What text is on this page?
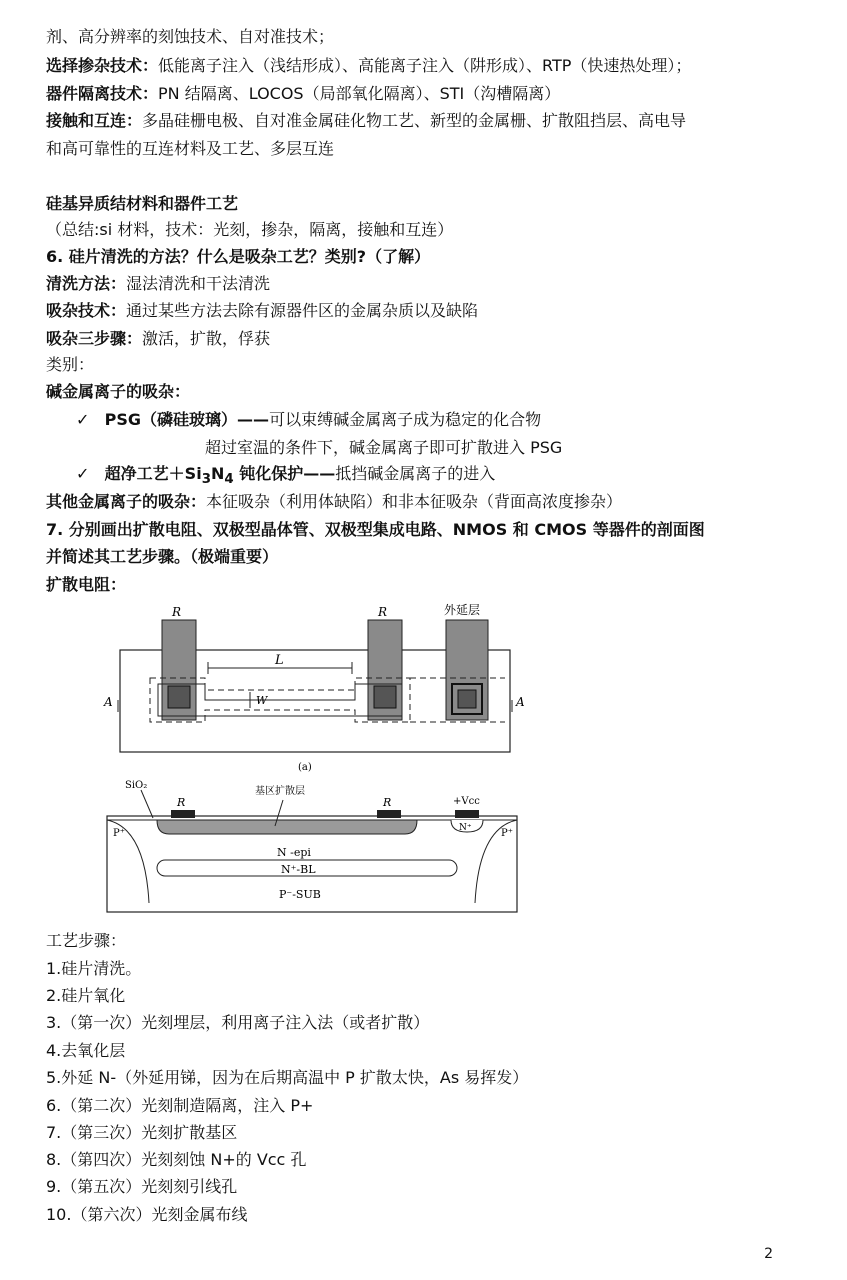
剂、高分辨率的刻蚀技术、自对准技术；
选择掺杂技术：低能离子注入（浅结形成）、高能离子注入（阱形成）、RTP（快速热处理）；
器件隔离技术：PN 结隔离、LOCOS（局部氧化隔离）、STI（沟槽隔离）
接触和互连：多晶硅栅电极、自对准金属硅化物工艺、新型的金属栅、扩散阻挡层、高电导
和高可靠性的互连材料及工艺、多层互连
硅基异质结材料和器件工艺
（总结:si 材料，技术：光刻，掺杂，隔离，接触和互连）
6. 硅片清洗的方法？什么是吸杂工艺？类别?（了解）
清洗方法：湿法清洗和干法清洗
吸杂技术：通过某些方法去除有源器件区的金属杂质以及缺陷
吸杂三步骤：激活，扩散，俘获
类别：
碱金属离子的吸杂：
✓ PSG（磷硅玻璃）——可以束缚碱金属离子成为稳定的化合物
超过室温的条件下，碱金属离子即可扩散进入 PSG
✓ 超净工艺$+Si_3N_4$ 钝化保护——抵挡碱金属离子的进入
其他金属离子的吸杂：本征吸杂（利用体缺陷）和非本征吸杂（背面高浓度掺杂）
7. 分别画出扩散电阻、双极型晶体管、双极型集成电路、NMOS 和 CMOS 等器件的剖面图
并简述其工艺步骤。（极端重要）
扩散电阻：
R	R	外延层
L
W
A	A
(a)
SiO₂
R
基区扩散层
R	+Vcc
N⁺
P⁺	P⁺
N -epi
N⁺-BL
P⁻-SUB
工艺步骤：
1.硅片清洗。
2.硅片氧化
3.（第一次）光刻埋层，利用离子注入法（或者扩散）
4.去氧化层
5.外延 N-（外延用锑，因为在后期高温中 P 扩散太快，As 易挥发）
6.（第二次）光刻制造隔离，注入 P+
7.（第三次）光刻扩散基区
8.（第四次）光刻刻蚀 N+的 Vcc 孔
9.（第五次）光刻刻引线孔
10.（第六次）光刻金属布线
2
